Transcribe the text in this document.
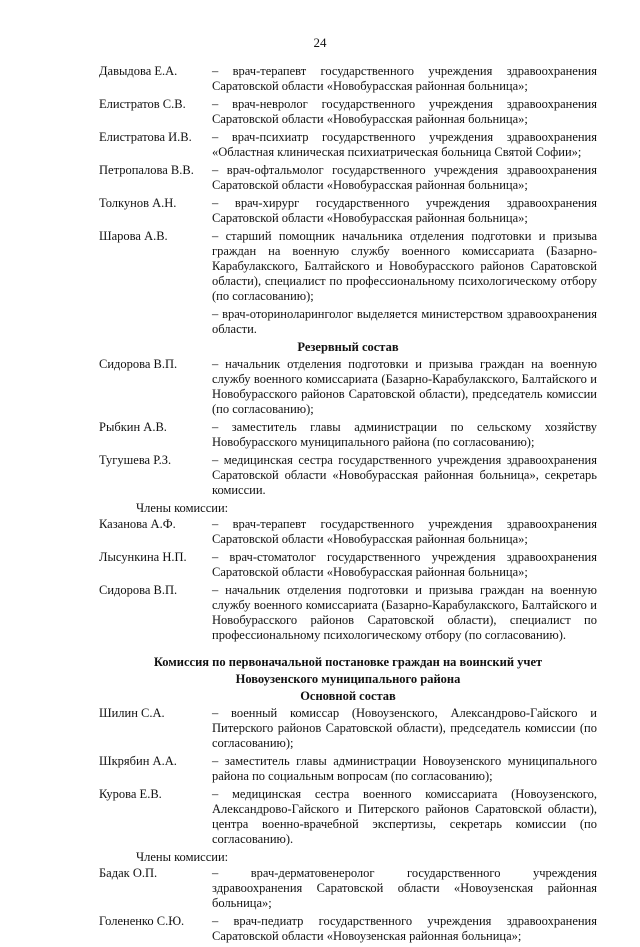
24
Давыдова Е.А.	– врач-терапевт государственного учреждения здравоохранения Саратовской области «Новобурасская районная больница»;
Елистратов С.В.	– врач-невролог государственного учреждения здравоохранения Саратовской области «Новобурасская районная больница»;
Елистратова И.В.	– врач-психиатр государственного учреждения здравоохранения «Областная клиническая психиатрическая больница Святой Софии»;
Петропалова В.В.	– врач-офтальмолог государственного учреждения здравоохранения Саратовской области «Новобурасская районная больница»;
Толкунов А.Н.	– врач-хирург государственного учреждения здравоохранения Саратовской области «Новобурасская районная больница»;
Шарова А.В.	– старший помощник начальника отделения подготовки и призыва граждан на военную службу военного комиссариата (Базарно-Карабулакского, Балтайского и Новобурасского районов Саратовской области), специалист по профессиональному психологическому отбору (по согласованию);
– врач-оториноларинголог выделяется министерством здравоохранения области.
Резервный состав
Сидорова В.П.	– начальник отделения подготовки и призыва граждан на военную службу военного комиссариата (Базарно-Карабулакского, Балтайского и Новобурасского районов Саратовской области), председатель комиссии (по согласованию);
Рыбкин А.В.	– заместитель главы администрации по сельскому хозяйству Новобурасского муниципального района (по согласованию);
Тугушева Р.З.	– медицинская сестра государственного учреждения здравоохранения Саратовской области «Новобурасская районная больница», секретарь комиссии.
Члены комиссии:
Казанова А.Ф.	– врач-терапевт государственного учреждения здравоохранения Саратовской области «Новобурасская районная больница»;
Лысункина Н.П.	– врач-стоматолог государственного учреждения здравоохранения Саратовской области «Новобурасская районная больница»;
Сидорова В.П.	– начальник отделения подготовки и призыва граждан на военную службу военного комиссариата (Базарно-Карабулакского, Балтайского и Новобурасского районов Саратовской области), специалист по профессиональному психологическому отбору (по согласованию).
Комиссия по первоначальной постановке граждан на воинский учет
Новоузенского муниципального района
Основной состав
Шилин С.А.	– военный комиссар (Новоузенского, Александрово-Гайского и Питерского районов Саратовской области), председатель комиссии (по согласованию);
Шкрябин А.А.	– заместитель главы администрации Новоузенского муниципального района по социальным вопросам (по согласованию);
Курова Е.В.	– медицинская сестра военного комиссариата (Новоузенского, Александрово-Гайского и Питерского районов Саратовской области), центра военно-врачебной экспертизы, секретарь комиссии (по согласованию).
Члены комиссии:
Бадак О.П.	– врач-дерматовенеролог государственного учреждения здравоохранения Саратовской области «Новоузенская районная больница»;
Голененко С.Ю.	– врач-педиатр государственного учреждения здравоохранения Саратовской области «Новоузенская районная больница»;
